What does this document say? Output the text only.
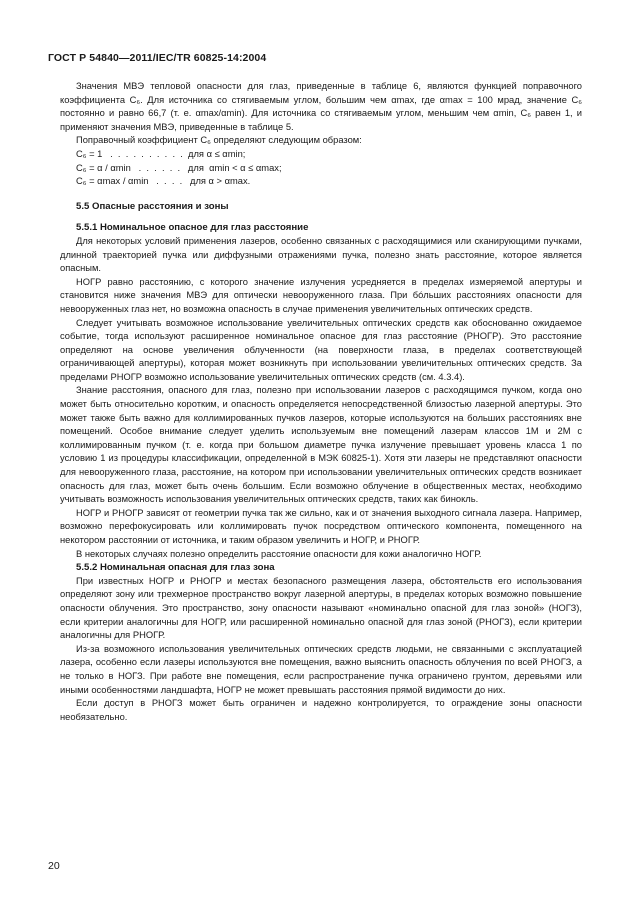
ГОСТ Р 54840—2011/IEC/TR 60825-14:2004

Значения МВЭ тепловой опасности для глаз, приведенные в таблице 6, являются функцией поправочного коэффициента C₆. Для источника со стягиваемым углом, большим чем αmax, где αmax = 100 мрад, значение C₆ постоянно и равно 66,7 (т. е. αmax/αmin). Для источника со стягиваемым углом, меньшим чем αmin, C₆ равен 1, и применяют значения МВЭ, приведенные в таблице 5.

Поправочный коэффициент C₆ определяют следующим образом:

C₆ = 1   .  .  .  .  .  .  .  .  .  .  для α ≤ αmin;
C₆ = α / αmin   .  .  .  .  .  .   для  αmin < α ≤ αmax;
C₆ = αmax / αmin   .  .  .  .   для α > αmax.
5.5 Опасные расстояния и зоны
5.5.1 Номинальное опасное для глаз расстояние

Для некоторых условий применения лазеров, особенно связанных с расходящимися или сканирующими пучками, длинной траекторией пучка или диффузными отражениями пучка, полезно знать расстояние, которое является опасным.

НОГР равно расстоянию, с которого значение излучения усредняется в пределах измеряемой апертуры и становится ниже значения МВЭ для оптически невооруженного глаза. При бóльших расстояниях опасности для невооруженных глаз нет, но возможна опасность в случае применения увеличительных оптических средств.

Следует учитывать возможное использование увеличительных оптических средств как обоснованно ожидаемое событие, тогда используют расширенное номинальное опасное для глаз расстояние (РНОГР). Это расстояние определяют на основе увеличения облученности (на поверхности глаза, в пределах соответствующей ограничивающей апертуры), которая может возникнуть при использовании увеличительных оптических средств. За пределами РНОГР возможно использование увеличительных оптических средств (см. 4.3.4).

Знание расстояния, опасного для глаз, полезно при использовании лазеров с расходящимся пучком, когда оно может быть относительно коротким, и опасность определяется непосредственной близостью лазерной апертуры. Это может также быть важно для коллимированных пучков лазеров, которые используются на больших расстояниях вне помещений. Особое внимание следует уделить используемым вне помещений лазерам классов 1М и 2М с коллимированным пучком (т. е. когда при большом диаметре пучка излучение превышает уровень класса 1 по условию 1 из процедуры классификации, определенной в МЭК 60825-1). Хотя эти лазеры не представляют опасности для невооруженного глаза, расстояние, на котором при использовании увеличительных оптических средств возникает опасность для глаз, может быть очень большим. Если возможно облучение в общественных местах, необходимо учитывать возможность использования увеличительных оптических средств, таких как бинокль.

НОГР и РНОГР зависят от геометрии пучка так же сильно, как и от значения выходного сигнала лазера. Например, возможно перефокусировать или коллимировать пучок посредством оптического компонента, помещенного на некотором расстоянии от источника, и таким образом увеличить и НОГР, и РНОГР.

В некоторых случаях полезно определить расстояние опасности для кожи аналогично НОГР.

5.5.2 Номинальная опасная для глаз зона

При известных НОГР и РНОГР и местах безопасного размещения лазера, обстоятельств его использования определяют зону или трехмерное пространство вокруг лазерной апертуры, в пределах которых возможно повышение опасности облучения. Это пространство, зону опасности называют «номинально опасной для глаз зоной» (НОГЗ), если критерии аналогичны для НОГР, или расширенной номинально опасной для глаз зоной (РНОГЗ), если критерии аналогичны для РНОГР.

Из-за возможного использования увеличительных оптических средств людьми, не связанными с эксплуатацией лазера, особенно если лазеры используются вне помещения, важно выяснить опасность облучения по всей РНОГЗ, а не только в НОГЗ. При работе вне помещения, если распространение пучка ограничено грунтом, деревьями или иными особенностями ландшафта, НОГР не может превышать расстояния прямой видимости до них.

Если доступ в РНОГЗ может быть ограничен и надежно контролируется, то ограждение зоны опасности необязательно.

20
